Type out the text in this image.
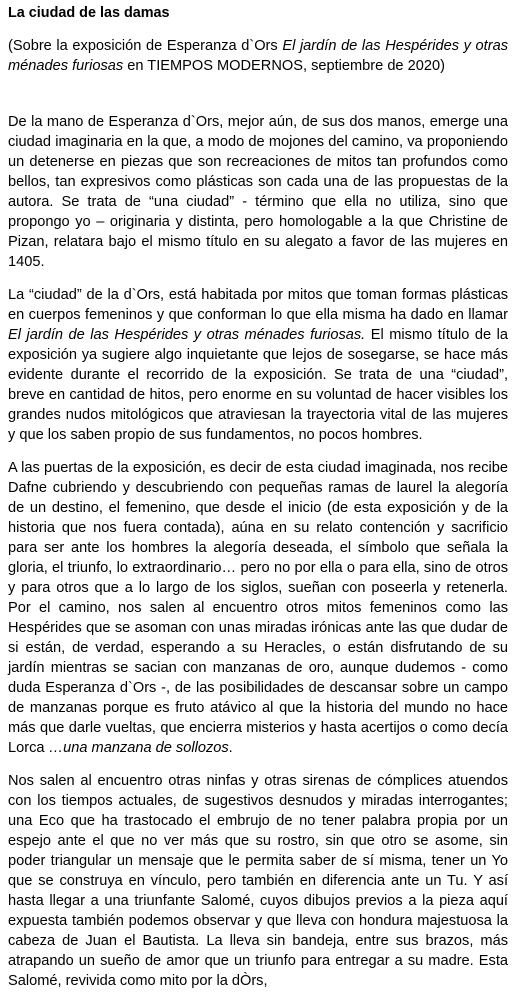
La ciudad de las damas
(Sobre la exposición de Esperanza d`Ors El jardín de las Hespérides y otras ménades furiosas en TIEMPOS MODERNOS, septiembre de 2020)

De la mano de Esperanza d`Ors, mejor aún, de sus dos manos, emerge una ciudad imaginaria en la que, a modo de mojones del camino, va proponiendo un detenerse en piezas que son recreaciones de mitos tan profundos como bellos, tan expresivos como plásticas son cada una de las propuestas de la autora. Se trata de “una ciudad” - término que ella no utiliza, sino que propongo yo – originaria y distinta, pero homologable a la que Christine de Pizan, relatara bajo el mismo título en su alegato a favor de las mujeres en 1405.

La “ciudad” de la d`Ors, está habitada por mitos que toman formas plásticas en cuerpos femeninos y que conforman lo que ella misma ha dado en llamar El jardín de las Hespérides y otras ménades furiosas. El mismo título de la exposición ya sugiere algo inquietante que lejos de sosegarse, se hace más evidente durante el recorrido de la exposición. Se trata de una “ciudad”, breve en cantidad de hitos, pero enorme en su voluntad de hacer visibles los grandes nudos mitológicos que atraviesan la trayectoria vital de las mujeres y que los saben propio de sus fundamentos, no pocos hombres.

A las puertas de la exposición, es decir de esta ciudad imaginada, nos recibe Dafne cubriendo y descubriendo con pequeñas ramas de laurel la alegoría de un destino, el femenino, que desde el inicio (de esta exposición y de la historia que nos fuera contada), aúna en su relato contención y sacrificio para ser ante los hombres la alegoría deseada, el símbolo que señala la gloria, el triunfo, lo extraordinario… pero no por ella o para ella, sino de otros y para otros que a lo largo de los siglos, sueñan con poseerla y retenerla. Por el camino, nos salen al encuentro otros mitos femeninos como las Hespérides que se asoman con unas miradas irónicas ante las que dudar de si están, de verdad, esperando a su Heracles, o están disfrutando de su jardín mientras se sacian con manzanas de oro, aunque dudemos - como duda Esperanza d`Ors -, de las posibilidades de descansar sobre un campo de manzanas porque es fruto atávico al que la historia del mundo no hace más que darle vueltas, que encierra misterios y hasta acertijos o como decía Lorca …una manzana de sollozos.

Nos salen al encuentro otras ninfas y otras sirenas de cómplices atuendos con los tiempos actuales, de sugestivos desnudos y miradas interrogantes; una Eco que ha trastocado el embrujo de no tener palabra propia por un espejo ante el que no ver más que su rostro, sin que otro se asome, sin poder triangular un mensaje que le permita saber de sí misma, tener un Yo que se construya en vínculo, pero también en diferencia ante un Tu. Y así hasta llegar a una triunfante Salomé, cuyos dibujos previos a la pieza aquí expuesta también podemos observar y que lleva con hondura majestuosa la cabeza de Juan el Bautista. La lleva sin bandeja, entre sus brazos, más atrapando un sueño de amor que un triunfo para entregar a su madre. Esta Salomé, revivida como mito por la dÒrs,
